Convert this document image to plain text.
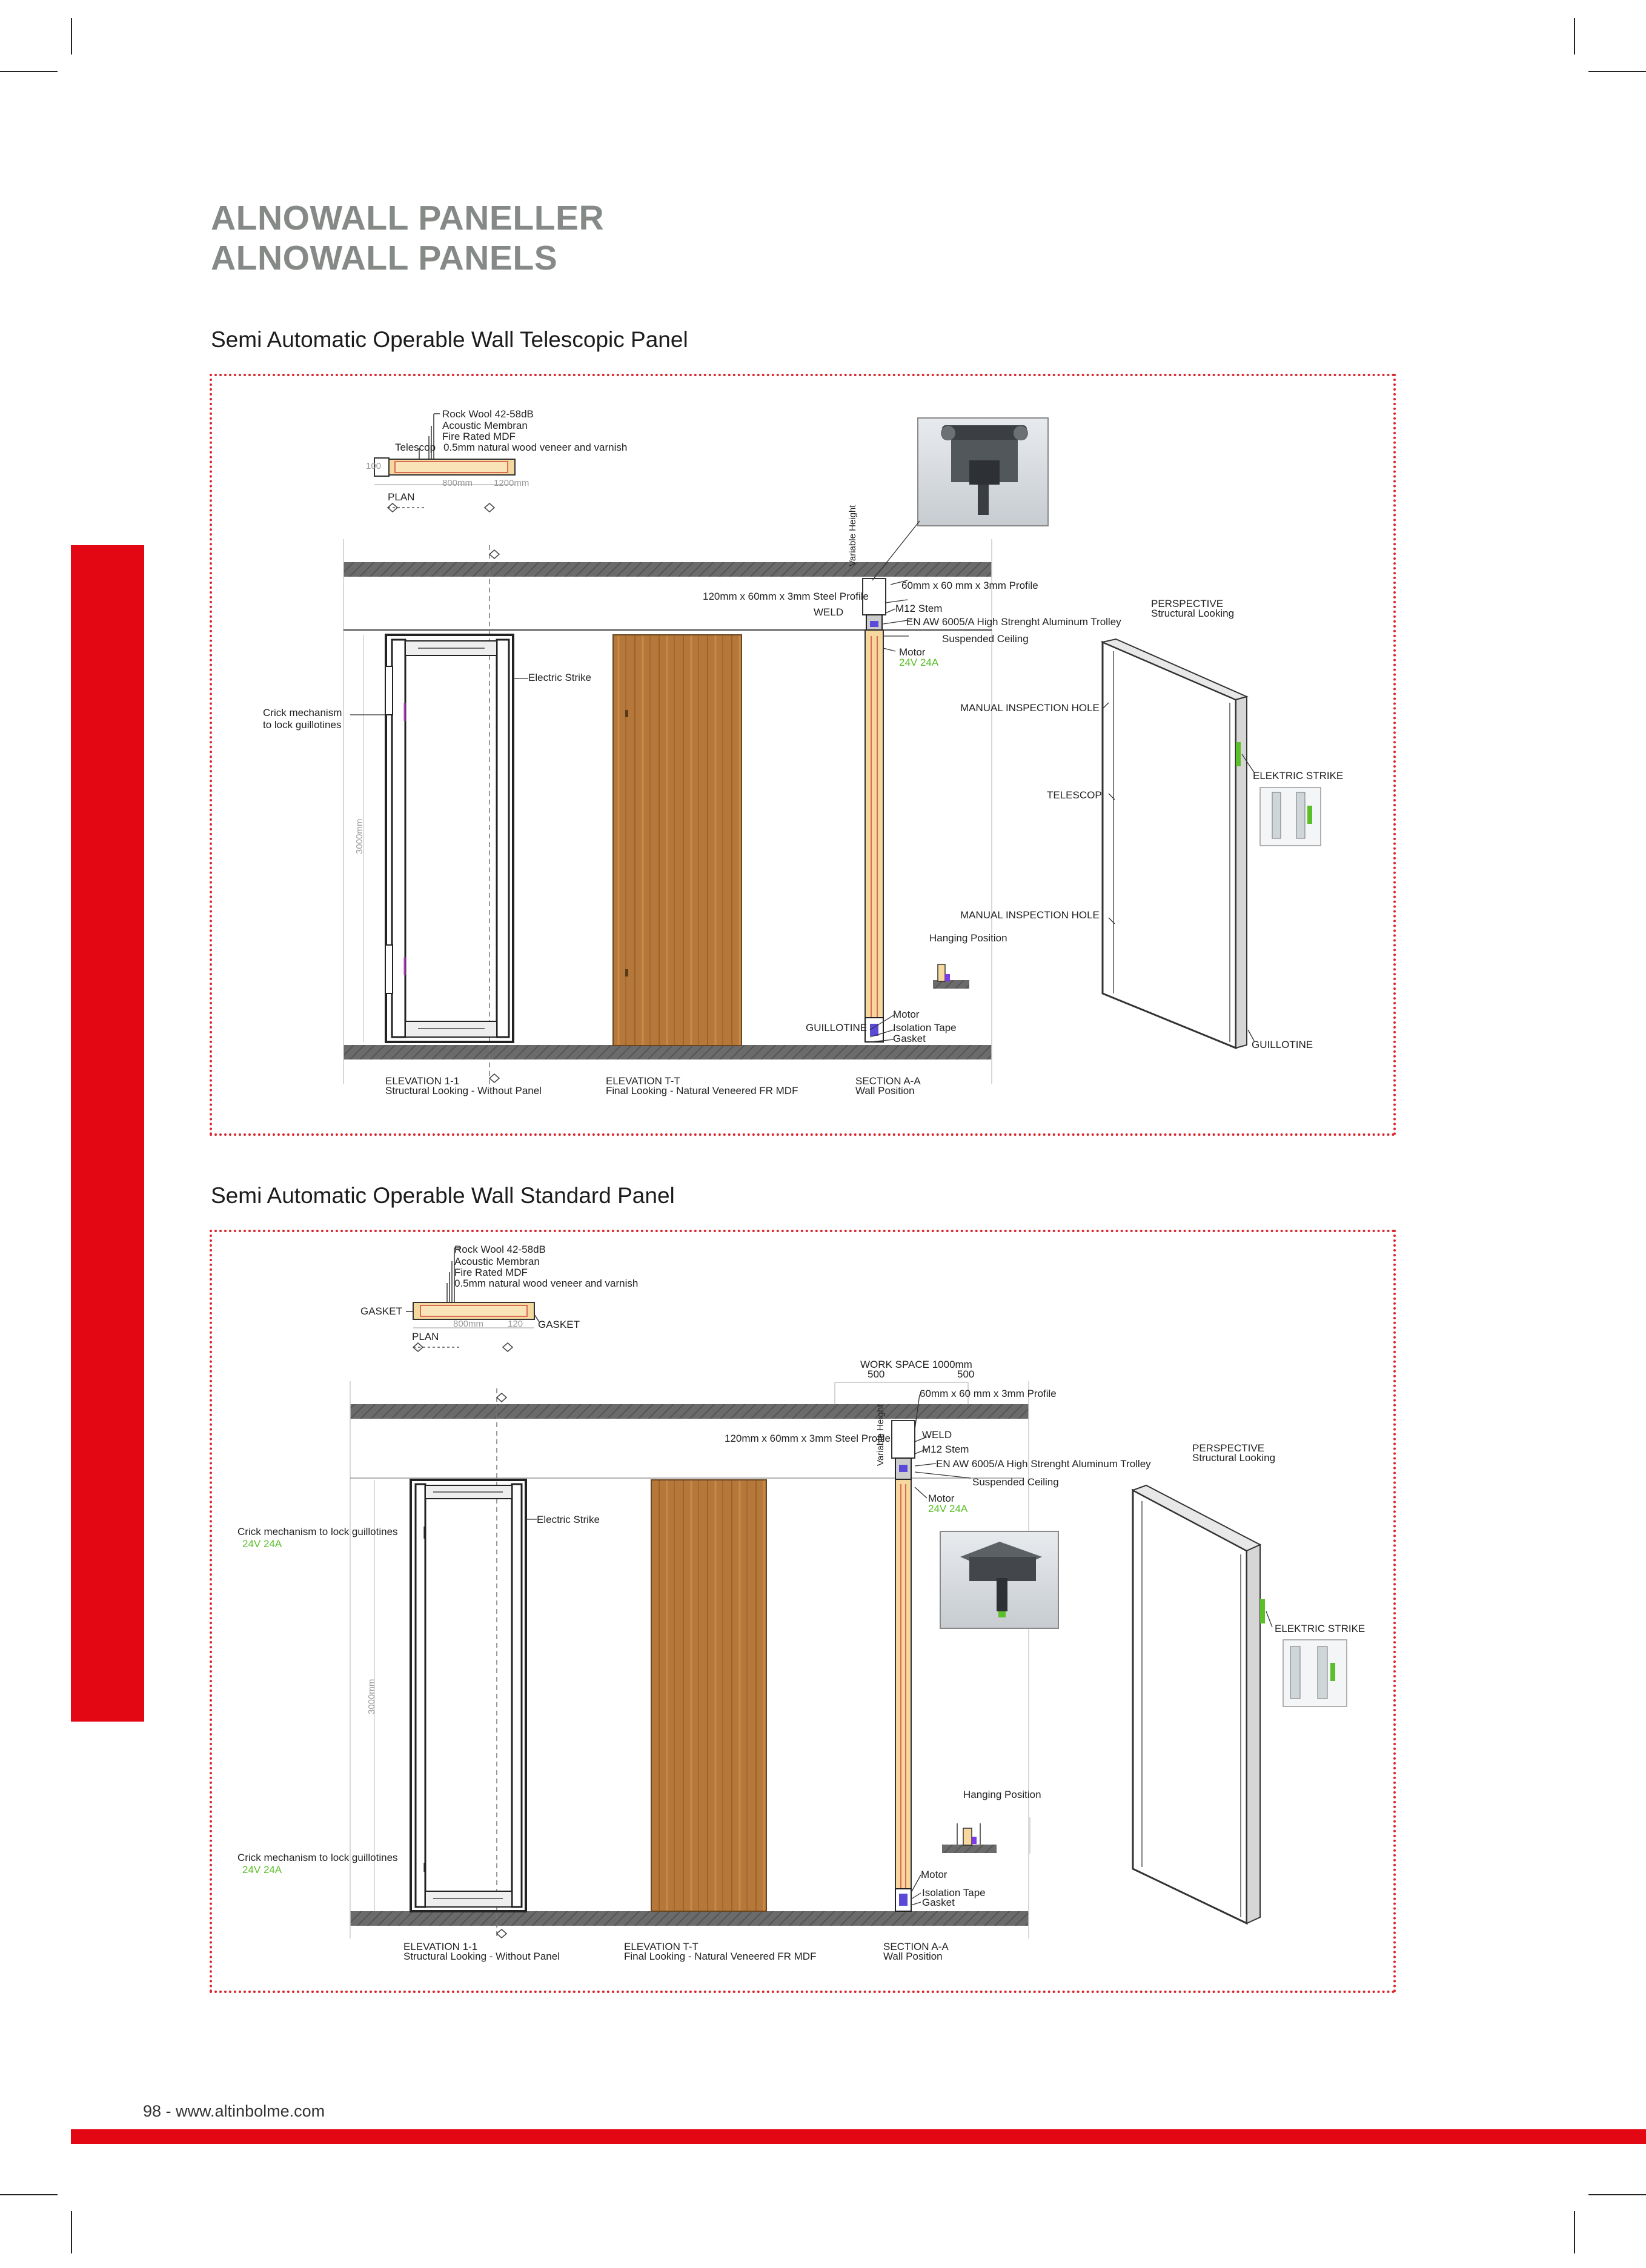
ALNOWALL PANELLER
ALNOWALL PANELS
Semi Automatic Operable Wall Telescopic Panel
Semi Automatic Operable Wall Standard Panel
Rock Wool 42-58dB
Acoustic Membran
Fire Rated MDF
Telescop 0.5mm natural wood veneer and varnish
800mm 1200mm
100
PLAN
120mm x 60mm x 3mm Steel Profile
60mm x 60 mm x 3mm Profile
WELD	M12 Stem
EN AW 6005/A High Strenght Aluminum Trolley
Suspended Ceiling
Motor
24V 24A
Variable Height
Electric Strike
Crick mechanism
to lock guillotines
3000mm
Hanging Position
Motor
GUILLOTINE	Isolation Tape
Gasket
ELEVATION 1-1
Structural Looking - Without Panel
ELEVATION T-T
Final Looking - Natural Veneered FR MDF
SECTION A-A
Wall Position
PERSPECTIVE
Structural Looking
MANUAL INSPECTION HOLE
TELESCOP
MANUAL INSPECTION HOLE
ELEKTRIC STRIKE
GUILLOTINE
Rock Wool 42-58dB
Acoustic Membran
Fire Rated MDF
0.5mm natural wood veneer and varnish
GASKET
GASKET
800mm	120
PLAN
WORK SPACE 1000mm
500	500
60mm x 60 mm x 3mm Profile
120mm x 60mm x 3mm Steel Profile	WELD
M12 Stem
EN AW 6005/A High Strenght Aluminum Trolley
Suspended Ceiling
Motor
24V 24A
Variable Height
Electric Strike
Crick mechanism to lock guillotines
24V 24A
Crick mechanism to lock guillotines
24V 24A
3000mm
Hanging Position
Motor
Isolation Tape
Gasket
ELEVATION 1-1
Structural Looking - Without Panel
ELEVATION T-T
Final Looking - Natural Veneered FR MDF
SECTION A-A
Wall Position
PERSPECTIVE
Structural Looking
ELEKTRIC STRIKE
98 - www.altinbolme.com
